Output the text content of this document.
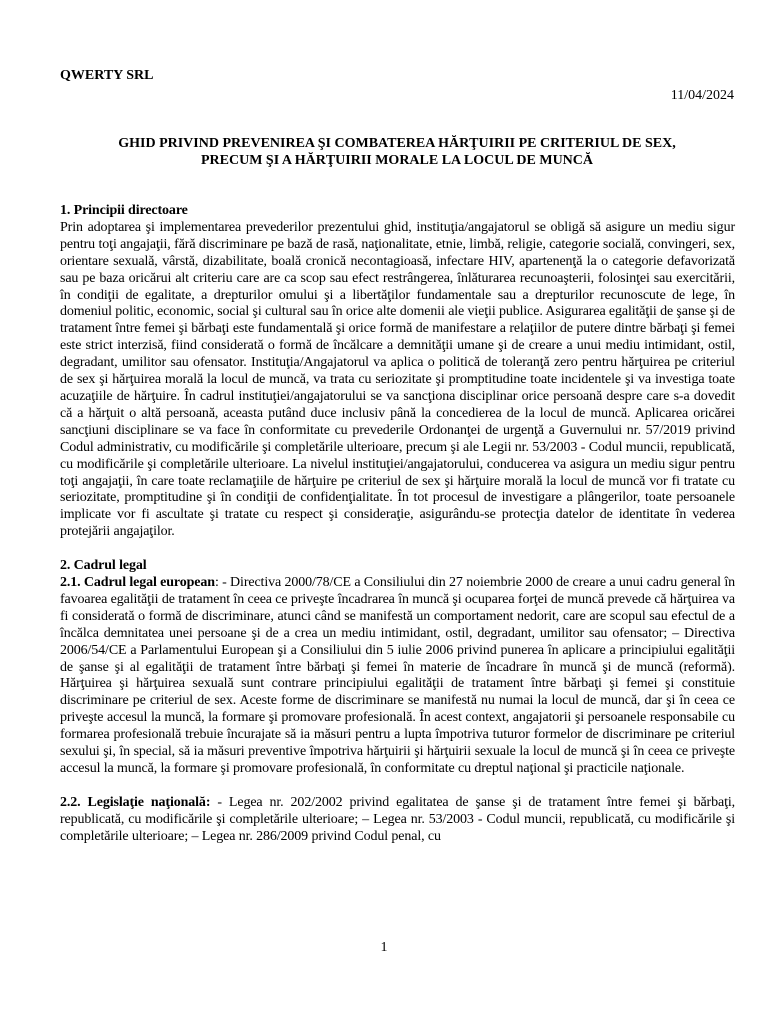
QWERTY SRL
11/04/2024
GHID PRIVIND PREVENIREA ŞI COMBATEREA HĂRŢUIRII PE CRITERIUL DE SEX,
PRECUM ŞI A HĂRŢUIRII MORALE LA LOCUL DE MUNCĂ

1. Principii directoare

Prin adoptarea şi implementarea prevederilor prezentului ghid, instituţia/angajatorul se obligă să asigure un mediu sigur pentru toţi angajaţii, fără discriminare pe bază de rasă, naţionalitate, etnie, limbă, religie, categorie socială, convingeri, sex, orientare sexuală, vârstă, dizabilitate, boală cronică necontagioasă, infectare HIV, apartenenţă la o categorie defavorizată sau pe baza oricărui alt criteriu care are ca scop sau efect restrângerea, înlăturarea recunoaşterii, folosinţei sau exercitării, în condiţii de egalitate, a drepturilor omului şi a libertăţilor fundamentale sau a drepturilor recunoscute de lege, în domeniul politic, economic, social şi cultural sau în orice alte domenii ale vieţii publice. Asigurarea egalităţii de şanse şi de tratament între femei şi bărbaţi este fundamentală şi orice formă de manifestare a relaţiilor de putere dintre bărbaţi şi femei este strict interzisă, fiind considerată o formă de încălcare a demnităţii umane şi de creare a unui mediu intimidant, ostil, degradant, umilitor sau ofensator. Instituţia/Angajatorul va aplica o politică de toleranţă zero pentru hărţuirea pe criteriul de sex şi hărţuirea morală la locul de muncă, va trata cu seriozitate şi promptitudine toate incidentele şi va investiga toate acuzaţiile de hărţuire. În cadrul instituţiei/angajatorului se va sancţiona disciplinar orice persoană despre care s-a dovedit că a hărţuit o altă persoană, aceasta putând duce inclusiv până la concedierea de la locul de muncă. Aplicarea oricărei sancţiuni disciplinare se va face în conformitate cu prevederile Ordonanţei de urgenţă a Guvernului nr. 57/2019 privind Codul administrativ, cu modificările şi completările ulterioare, precum şi ale Legii nr. 53/2003 - Codul muncii, republicată, cu modificările şi completările ulterioare. La nivelul instituţiei/angajatorului, conducerea va asigura un mediu sigur pentru toţi angajaţii, în care toate reclamaţiile de hărţuire pe criteriul de sex şi hărţuire morală la locul de muncă vor fi tratate cu seriozitate, promptitudine şi în condiţii de confidenţialitate. În tot procesul de investigare a plângerilor, toate persoanele implicate vor fi ascultate şi tratate cu respect şi consideraţie, asigurându-se protecţia datelor de identitate în vederea protejării angajaţilor.

2. Cadrul legal

2.1. Cadrul legal european: - Directiva 2000/78/CE a Consiliului din 27 noiembrie 2000 de creare a unui cadru general în favoarea egalităţii de tratament în ceea ce priveşte încadrarea în muncă şi ocuparea forţei de muncă prevede că hărţuirea va fi considerată o formă de discriminare, atunci când se manifestă un comportament nedorit, care are scopul sau efectul de a încălca demnitatea unei persoane şi de a crea un mediu intimidant, ostil, degradant, umilitor sau ofensator; – Directiva 2006/54/CE a Parlamentului European şi a Consiliului din 5 iulie 2006 privind punerea în aplicare a principiului egalităţii de şanse şi al egalităţii de tratament între bărbaţi şi femei în materie de încadrare în muncă şi de muncă (reformă). Hărţuirea şi hărţuirea sexuală sunt contrare principiului egalităţii de tratament între bărbaţi şi femei şi constituie discriminare pe criteriul de sex. Aceste forme de discriminare se manifestă nu numai la locul de muncă, dar şi în ceea ce priveşte accesul la muncă, la formare şi promovare profesională. În acest context, angajatorii şi persoanele responsabile cu formarea profesională trebuie încurajate să ia măsuri pentru a lupta împotriva tuturor formelor de discriminare pe criteriul sexului şi, în special, să ia măsuri preventive împotriva hărţuirii şi hărţuirii sexuale la locul de muncă şi în ceea ce priveşte accesul la muncă, la formare şi promovare profesională, în conformitate cu dreptul naţional şi practicile naţionale.

2.2. Legislaţie naţională: - Legea nr. 202/2002 privind egalitatea de şanse şi de tratament între femei şi bărbaţi, republicată, cu modificările şi completările ulterioare; – Legea nr. 53/2003 - Codul muncii, republicată, cu modificările şi completările ulterioare; – Legea nr. 286/2009 privind Codul penal, cu

1
